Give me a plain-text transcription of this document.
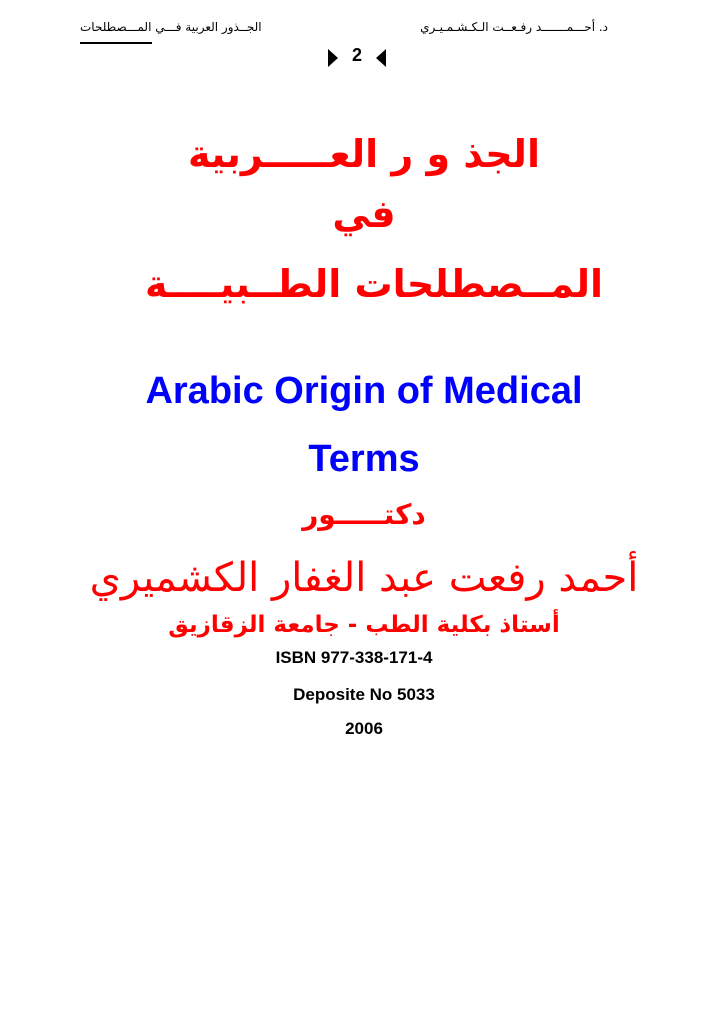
د. أحـــمـــــــد رفـعــت الـكـشـمـيـري
الجــذور العربية فـــي المـــصطلحات
2
الجذ و ر العـــــربية
في
المــصطلحات الطــبيــــة
Arabic Origin of Medical
Terms
دكتـــــور
أحمد رفعت عبد الغفار الكشميري
أستاذ بكلية الطب - جامعة الزقازيق
ISBN 977-338-171-4
Deposite No 5033
2006
